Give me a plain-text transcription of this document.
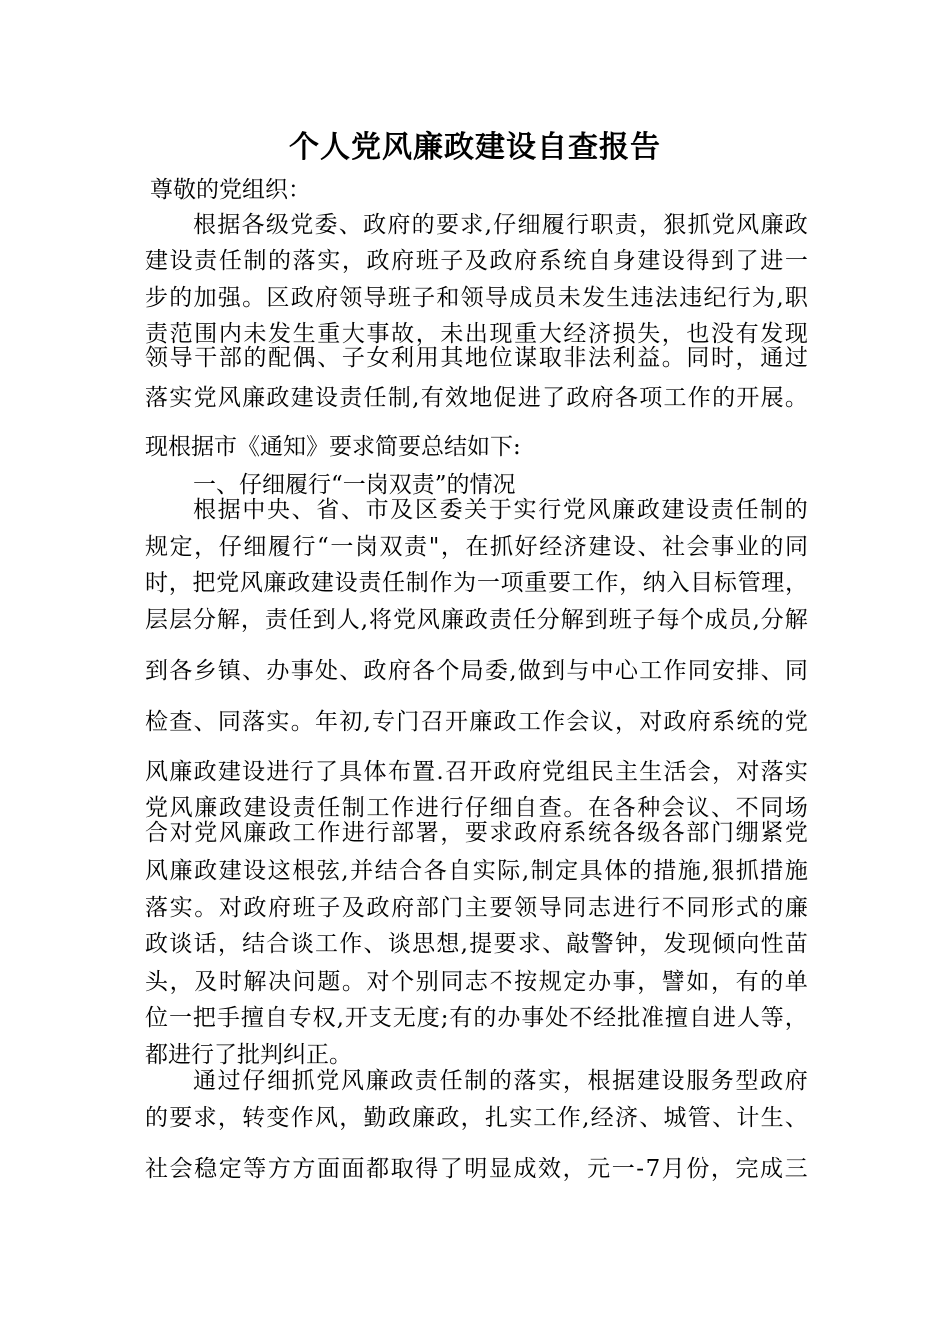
个人党风廉政建设自查报告
尊敬的党组织：
根 据 各 级 党 委 、 政 府 的 要 求 , 仔 细 履 行 职 责 ， 狠 抓 党 风 廉 政
建 设 责 任 制 的 落 实 ， 政 府 班 子 及 政 府 系 统 自 身 建 设 得 到 了 进 一
步 的 加 强 。 区 政 府 领 导 班 子 和 领 导 成 员 未 发 生 违 法 违 纪 行 为 , 职
责 范 围 内 未 发 生 重 大 事 故 ， 未 出 现 重 大 经 济 损 失 ， 也 没 有 发 现
领 导 干 部 的 配 偶 、 子 女 利 用 其 地 位 谋 取 非 法 利 益 。 同 时 ， 通 过
落 实 党 风 廉 政 建 设 责 任 制 , 有 效 地 促 进 了 政 府 各 项 工 作 的 开 展 。
现根据市《通知》要求简要总结如下:
一、仔细履行“一岗双责”的情况
根 据 中 央 、 省 、 市 及 区 委 关 于 实 行 党 风 廉 政 建 设 责 任 制 的
规 定 ， 仔 细 履 行 “ 一 岗 双 责 " ， 在 抓 好 经 济 建 设 、 社 会 事 业 的 同
时 ， 把 党 风 廉 政 建 设 责 任 制 作 为 一 项 重 要 工 作 ， 纳 入 目 标 管 理 ，
层 层 分 解 ， 责 任 到 人 , 将 党 风 廉 政 责 任 分 解 到 班 子 每 个 成 员 , 分 解
到 各 乡 镇 、 办 事 处 、 政 府 各 个 局 委 , 做 到 与 中 心 工 作 同 安 排 、 同
检 查 、 同 落 实 。 年 初 , 专 门 召 开 廉 政 工 作 会 议 ， 对 政 府 系 统 的 党
风 廉 政 建 设 进 行 了 具 体 布 置 . 召 开 政 府 党 组 民 主 生 活 会 ， 对 落 实
党 风 廉 政 建 设 责 任 制 工 作 进 行 仔 细 自 查 。 在 各 种 会 议 、 不 同 场
合 对 党 风 廉 政 工 作 进 行 部 署 ， 要 求 政 府 系 统 各 级 各 部 门 绷 紧 党
风 廉 政 建 设 这 根 弦 , 并 结 合 各 自 实 际 , 制 定 具 体 的 措 施 , 狠 抓 措 施
落 实 。 对 政 府 班 子 及 政 府 部 门 主 要 领 导 同 志 进 行 不 同 形 式 的 廉
政 谈 话 ， 结 合 谈 工 作 、 谈 思 想 , 提 要 求 、 敲 警 钟 ， 发 现 倾 向 性 苗
头 ， 及 时 解 决 问 题 。 对 个 别 同 志 不 按 规 定 办 事 ， 譬 如 ， 有 的 单
位 一 把 手 擅 自 专 权 , 开 支 无 度 ; 有 的 办 事 处 不 经 批 准 擅 自 进 人 等 ，
都进行了批判纠正。
通 过 仔 细 抓 党 风 廉 政 责 任 制 的 落 实 ， 根 据 建 设 服 务 型 政 府
的 要 求 ， 转 变 作 风 ， 勤 政 廉 政 ， 扎 实 工 作 , 经 济 、 城 管 、 计 生 、
社 会 稳 定 等 方 方 面 面 都 取 得 了 明 显 成 效 ， 元 一 - 7 月 份 ， 完 成 三
